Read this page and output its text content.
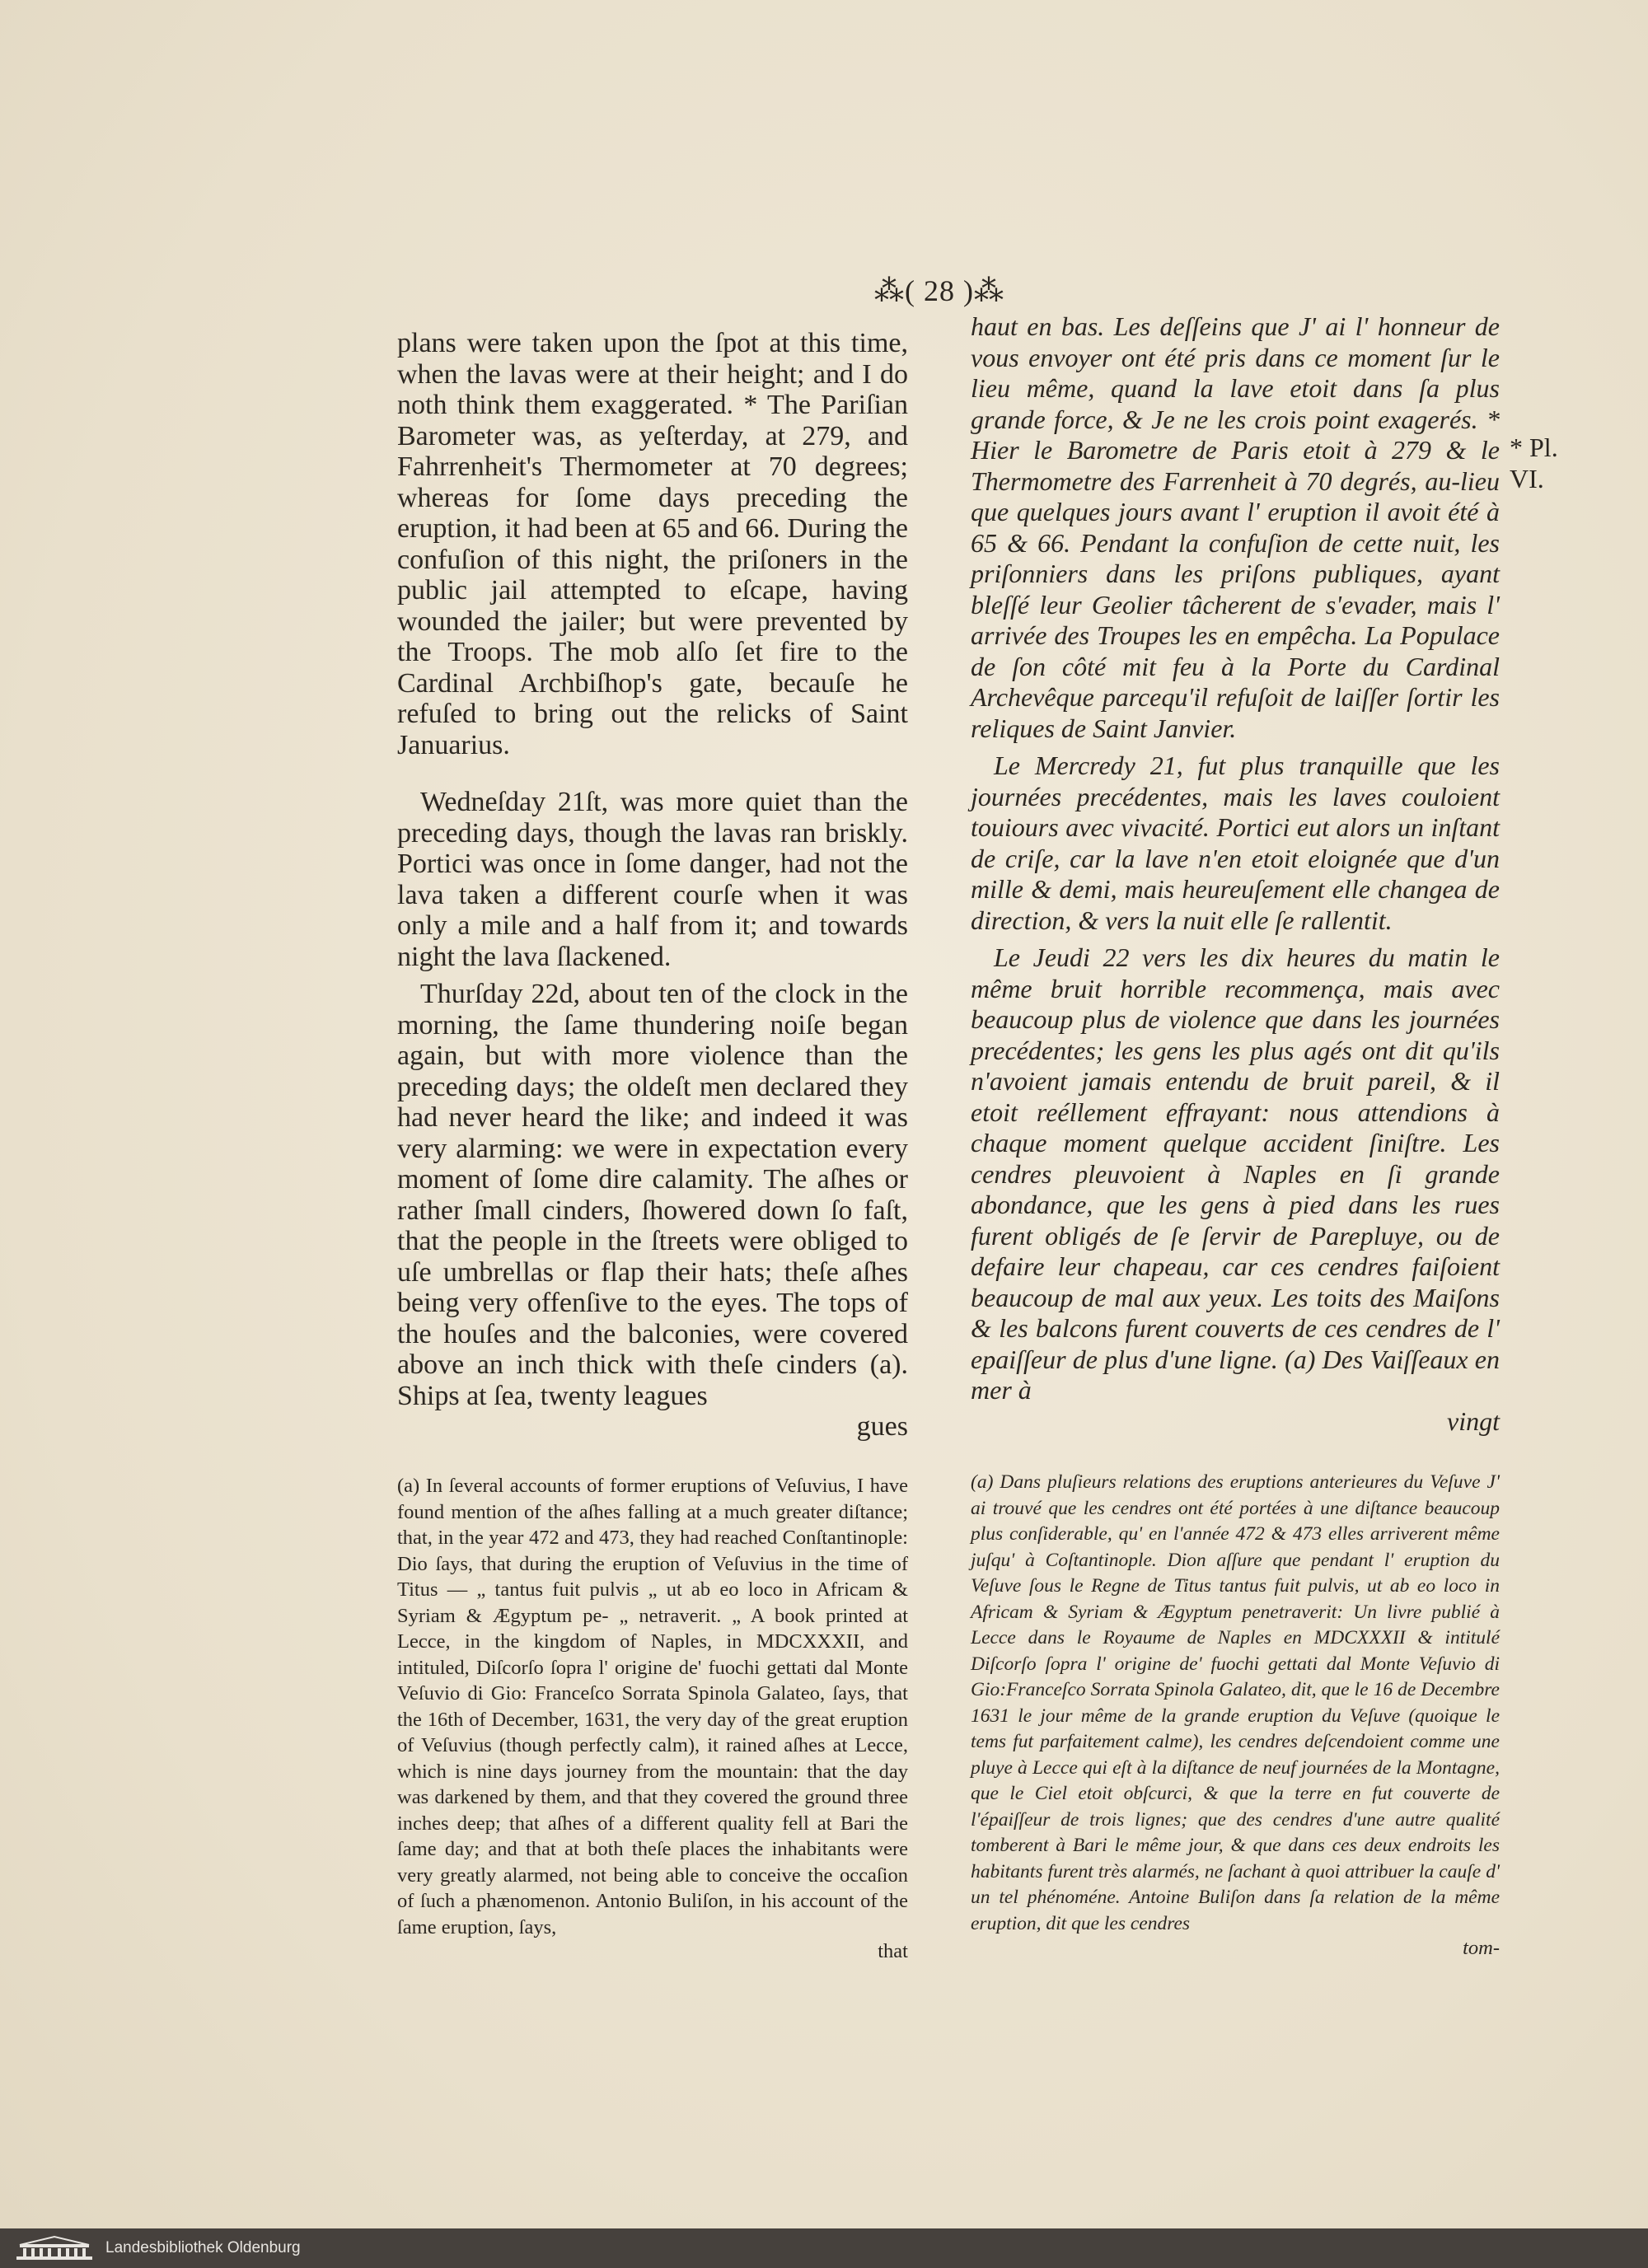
⁂( 28 )⁂

plans were taken upon the ſpot at this time, when the lavas were at their height; and I do noth think them exaggerated. * The Pariſian Barometer was, as yeſterday, at 279, and Fahrrenheit's Thermometer at 70 degrees; whereas for ſome days preceding the eruption, it had been at 65 and 66. During the confuſion of this night, the priſoners in the public jail attempted to eſcape, having wounded the jailer; but were prevented by the Troops. The mob alſo ſet fire to the Cardinal Archbiſhop's gate, becauſe he refuſed to bring out the relicks of Saint Januarius.

Wedneſday 21ſt, was more quiet than the preceding days, though the lavas ran briskly. Portici was once in ſome danger, had not the lava taken a different courſe when it was only a mile and a half from it; and towards night the lava ſlackened.

Thurſday 22d, about ten of the clock in the morning, the ſame thundering noiſe began again, but with more violence than the preceding days; the oldeſt men declared they had never heard the like; and indeed it was very alarming: we were in expectation every moment of ſome dire calamity. The aſhes or rather ſmall cinders, ſhowered down ſo faſt, that the people in the ſtreets were obliged to uſe umbrellas or flap their hats; theſe aſhes being very offenſive to the eyes. The tops of the houſes and the balconies, were covered above an inch thick with theſe cinders (a). Ships at ſea, twenty leagues

gues

haut en bas. Les deſſeins que J' ai l' honneur de vous envoyer ont été pris dans ce moment ſur le lieu même, quand la lave etoit dans ſa plus grande force, & Je ne les crois point exagerés. * Hier le Barometre de Paris etoit à 279 & le Thermometre des Farrenheit à 70 degrés, au-lieu que quelques jours avant l' eruption il avoit été à 65 & 66. Pendant la confuſion de cette nuit, les priſonniers dans les priſons publiques, ayant bleſſé leur Geolier tâcherent de s'evader, mais l' arrivée des Troupes les en empêcha. La Populace de ſon côté mit feu à la Porte du Cardinal Archevêque parcequ'il refuſoit de laiſſer ſortir les reliques de Saint Janvier.

Le Mercredy 21, fut plus tranquille que les journées precédentes, mais les laves couloient touiours avec vivacité. Portici eut alors un inſtant de criſe, car la lave n'en etoit eloignée que d'un mille & demi, mais heureuſement elle changea de direction, & vers la nuit elle ſe rallentit.

Le Jeudi 22 vers les dix heures du matin le même bruit horrible recommença, mais avec beaucoup plus de violence que dans les journées precédentes; les gens les plus agés ont dit qu'ils n'avoient jamais entendu de bruit pareil, & il etoit reéllement effrayant: nous attendions à chaque moment quelque accident ſiniſtre. Les cendres pleuvoient à Naples en ſi grande abondance, que les gens à pied dans les rues furent obligés de ſe ſervir de Parepluye, ou de defaire leur chapeau, car ces cendres faiſoient beaucoup de mal aux yeux. Les toits des Maiſons & les balcons furent couverts de ces cendres de l' epaiſſeur de plus d'une ligne. (a) Des Vaiſſeaux en mer à

vingt
* Pl.
VI.

(a) In ſeveral accounts of former eruptions of Veſuvius, I have found mention of the aſhes falling at a much greater diſtance; that, in the year 472 and 473, they had reached Conſtantinople: Dio ſays, that during the eruption of Veſuvius in the time of Titus — „ tantus fuit pulvis „ ut ab eo loco in Africam & Syriam & Ægyptum pe- „ netraverit. „ A book printed at Lecce, in the kingdom of Naples, in MDCXXXII, and intituled, Diſcorſo ſopra l' origine de' fuochi gettati dal Monte Veſuvio di Gio: Franceſco Sorrata Spinola Galateo, ſays, that the 16th of December, 1631, the very day of the great eruption of Veſuvius (though perfectly calm), it rained aſhes at Lecce, which is nine days journey from the mountain: that the day was darkened by them, and that they covered the ground three inches deep; that aſhes of a different quality fell at Bari the ſame day; and that at both theſe places the inhabitants were very greatly alarmed, not being able to conceive the occaſion of ſuch a phænomenon. Antonio Buliſon, in his account of the ſame eruption, ſays,

that

(a) Dans pluſieurs relations des eruptions anterieures du Veſuve J' ai trouvé que les cendres ont été portées à une diſtance beaucoup plus conſiderable, qu' en l'année 472 & 473 elles arriverent même juſqu' à Coſtantinople. Dion aſſure que pendant l' eruption du Veſuve ſous le Regne de Titus tantus fuit pulvis, ut ab eo loco in Africam & Syriam & Ægyptum penetraverit: Un livre publié à Lecce dans le Royaume de Naples en MDCXXXII & intitulé Diſcorſo ſopra l' origine de' fuochi gettati dal Monte Veſuvio di Gio:Franceſco Sorrata Spinola Galateo, dit, que le 16 de Decembre 1631 le jour même de la grande eruption du Veſuve (quoique le tems fut parfaitement calme), les cendres deſcendoient comme une pluye à Lecce qui eſt à la diſtance de neuf journées de la Montagne, que le Ciel etoit obſcurci, & que la terre en fut couverte de l'épaiſſeur de trois lignes; que des cendres d'une autre qualité tomberent à Bari le même jour, & que dans ces deux endroits les habitants furent très alarmés, ne ſachant à quoi attribuer la cauſe d' un tel phénoméne. Antoine Buliſon dans ſa relation de la même eruption, dit que les cendres

tom-
Landesbibliothek Oldenburg
